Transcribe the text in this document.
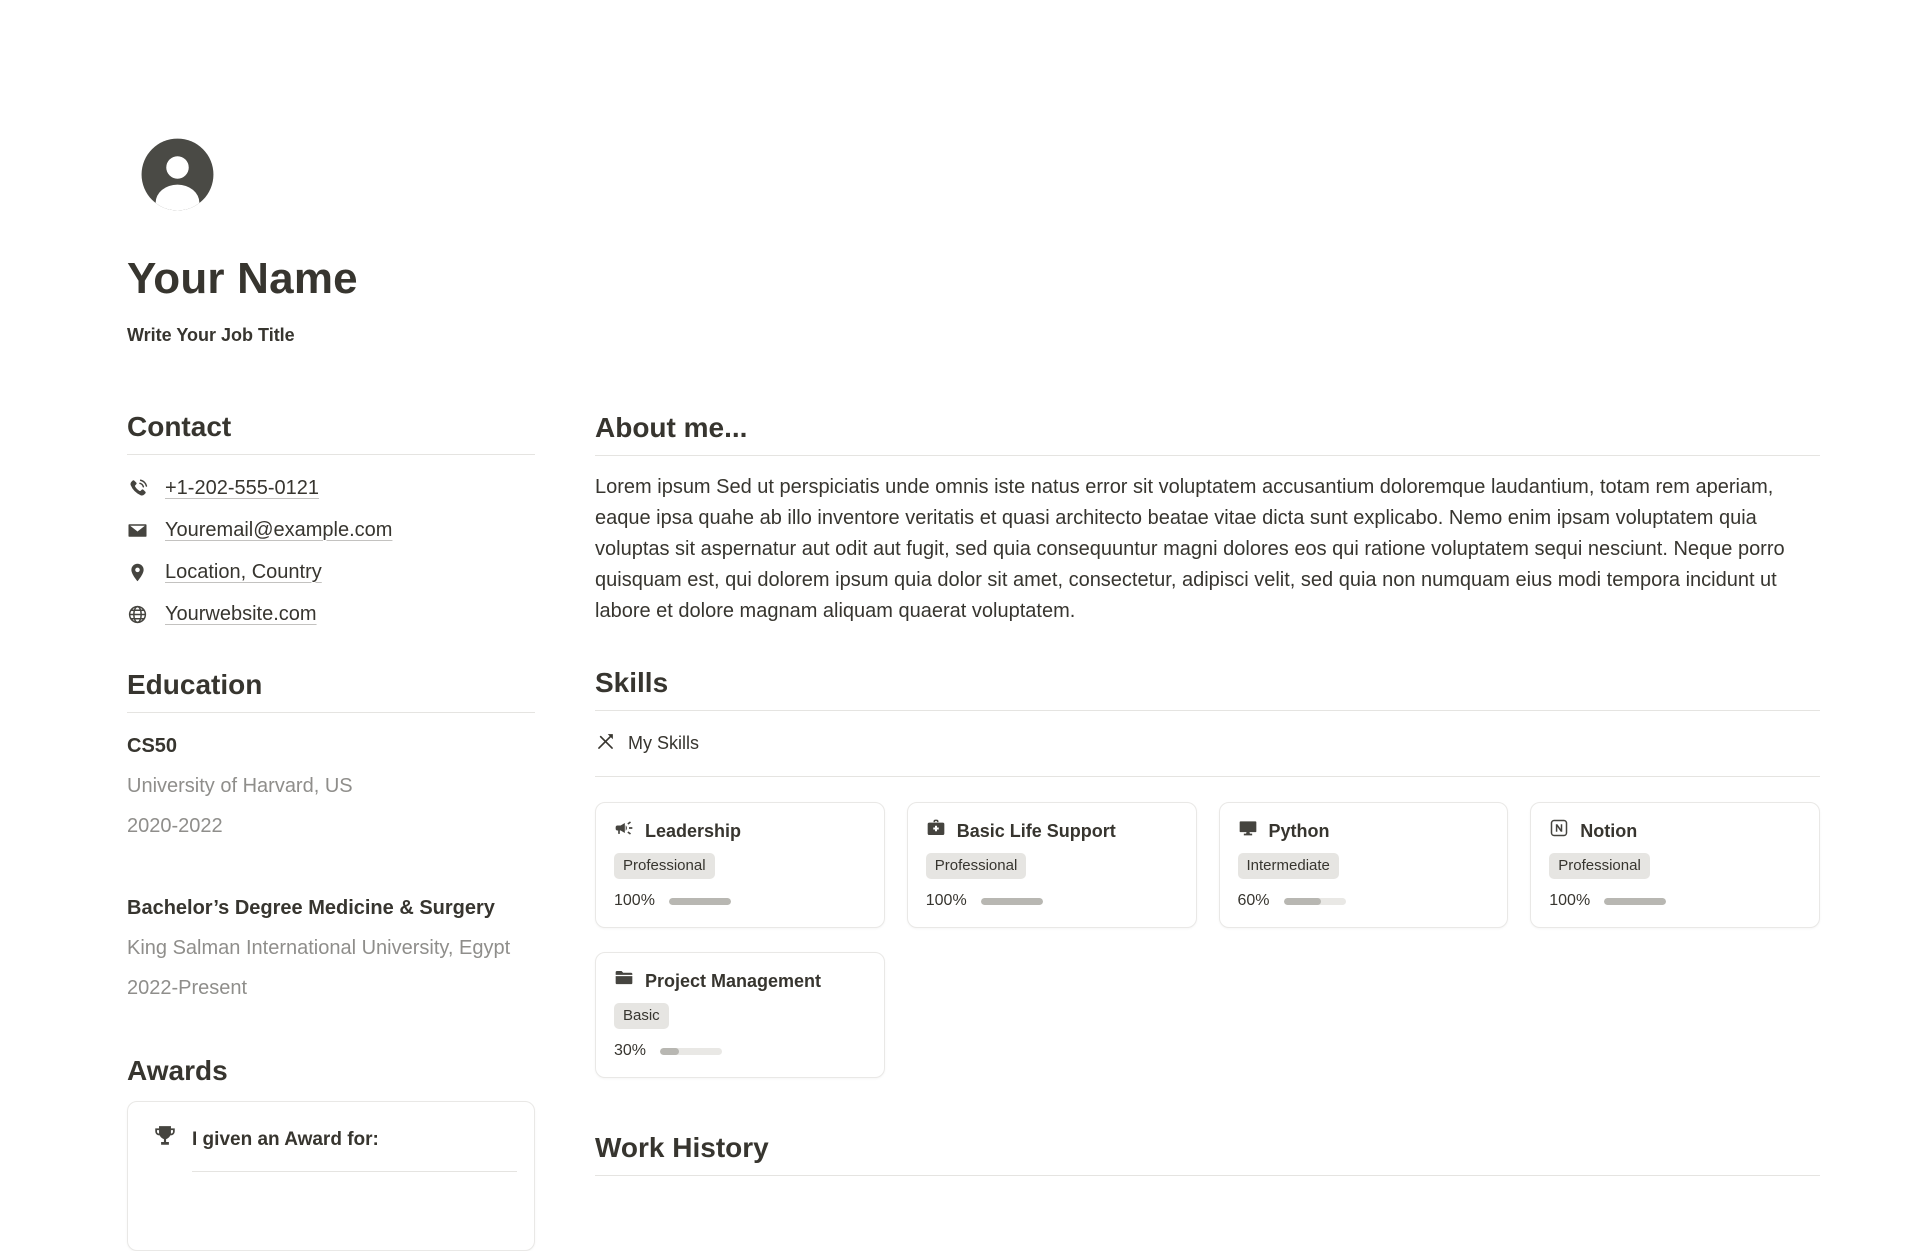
Your Name
Write Your Job Title
Contact
+1-202-555-0121
Youremail@example.com
Location, Country
Yourwebsite.com
Education
CS50
University of Harvard, US
2020-2022
Bachelor’s Degree Medicine & Surgery
King Salman International University, Egypt
2022-Present
Awards
I given an Award for:
About me...

Lorem ipsum Sed ut perspiciatis unde omnis iste natus error sit voluptatem accusantium doloremque laudantium, totam rem aperiam, eaque ipsa quahe ab illo inventore veritatis et quasi architecto beatae vitae dicta sunt explicabo. Nemo enim ipsam voluptatem quia voluptas sit aspernatur aut odit aut fugit, sed quia consequuntur magni dolores eos qui ratione voluptatem sequi nesciunt. Neque porro quisquam est, qui dolorem ipsum quia dolor sit amet, consectetur, adipisci velit, sed quia non numquam eius modi tempora incidunt ut labore et dolore magnam aliquam quaerat voluptatem.

Skills
My Skills
Leadership
Professional
100%
Basic Life Support
Professional
100%
Python
Intermediate
60%
Notion
Professional
100%
Project Management
Basic
30%
Work History
